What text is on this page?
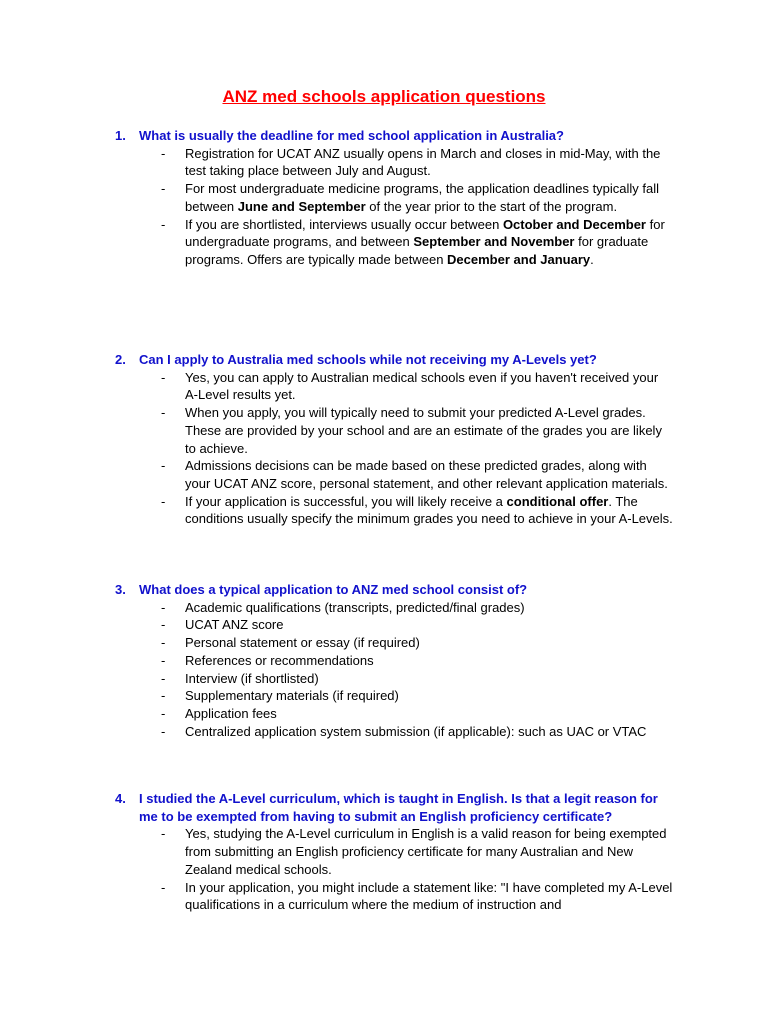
ANZ med schools application questions
1. What is usually the deadline for med school application in Australia?
- Registration for UCAT ANZ usually opens in March and closes in mid-May, with the test taking place between July and August.
- For most undergraduate medicine programs, the application deadlines typically fall between June and September of the year prior to the start of the program.
- If you are shortlisted, interviews usually occur between October and December for undergraduate programs, and between September and November for graduate programs. Offers are typically made between December and January.
2. Can I apply to Australia med schools while not receiving my A-Levels yet?
- Yes, you can apply to Australian medical schools even if you haven't received your A-Level results yet.
- When you apply, you will typically need to submit your predicted A-Level grades. These are provided by your school and are an estimate of the grades you are likely to achieve.
- Admissions decisions can be made based on these predicted grades, along with your UCAT ANZ score, personal statement, and other relevant application materials.
- If your application is successful, you will likely receive a conditional offer. The conditions usually specify the minimum grades you need to achieve in your A-Levels.
3. What does a typical application to ANZ med school consist of?
- Academic qualifications (transcripts, predicted/final grades)
- UCAT ANZ score
- Personal statement or essay (if required)
- References or recommendations
- Interview (if shortlisted)
- Supplementary materials (if required)
- Application fees
- Centralized application system submission (if applicable): such as UAC or VTAC
4. I studied the A-Level curriculum, which is taught in English. Is that a legit reason for me to be exempted from having to submit an English proficiency certificate?
- Yes, studying the A-Level curriculum in English is a valid reason for being exempted from submitting an English proficiency certificate for many Australian and New Zealand medical schools.
- In your application, you might include a statement like: "I have completed my A-Level qualifications in a curriculum where the medium of instruction and
